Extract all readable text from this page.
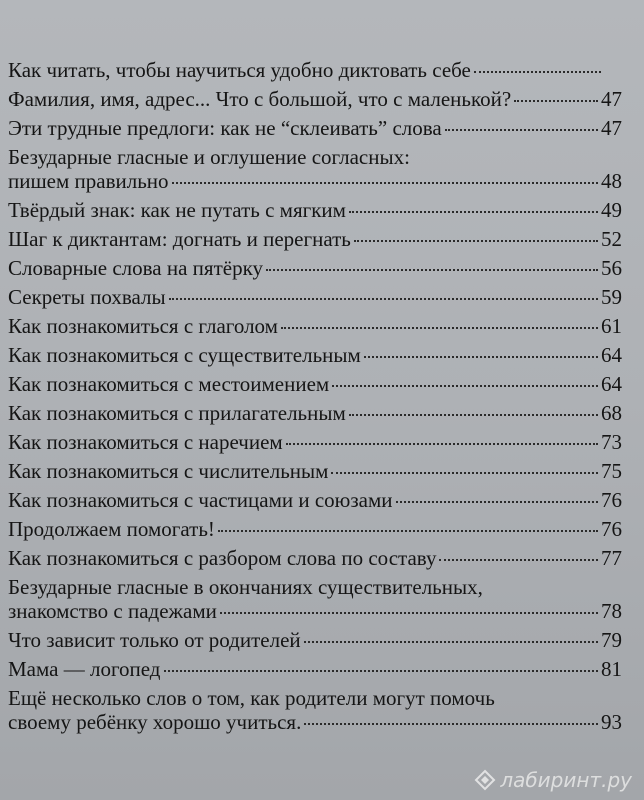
Как читать, чтобы научиться удобно диктовать себе
Фамилия, имя, адрес... Что с большой, что с маленькой?	47
Эти трудные предлоги: как не “склеивать” слова	47
Безударные гласные и оглушение согласных:
пишем правильно	48
Твёрдый знак: как не путать с мягким	49
Шаг к диктантам: догнать и перегнать	52
Словарные слова на пятёрку	56
Секреты похвалы	59
Как познакомиться с глаголом	61
Как познакомиться с существительным	64
Как познакомиться с местоимением	64
Как познакомиться с прилагательным	68
Как познакомиться с наречием	73
Как познакомиться с числительным	75
Как познакомиться с частицами и союзами	76
Продолжаем помогать!	76
Как познакомиться с разбором слова по составу	77
Безударные гласные в окончаниях существительных,
знакомство с падежами	78
Что зависит только от родителей	79
Мама — логопед	81
Ещё несколько слов о том, как родители могут помочь
своему ребёнку хорошо учиться.	93
лабиринт.ру
